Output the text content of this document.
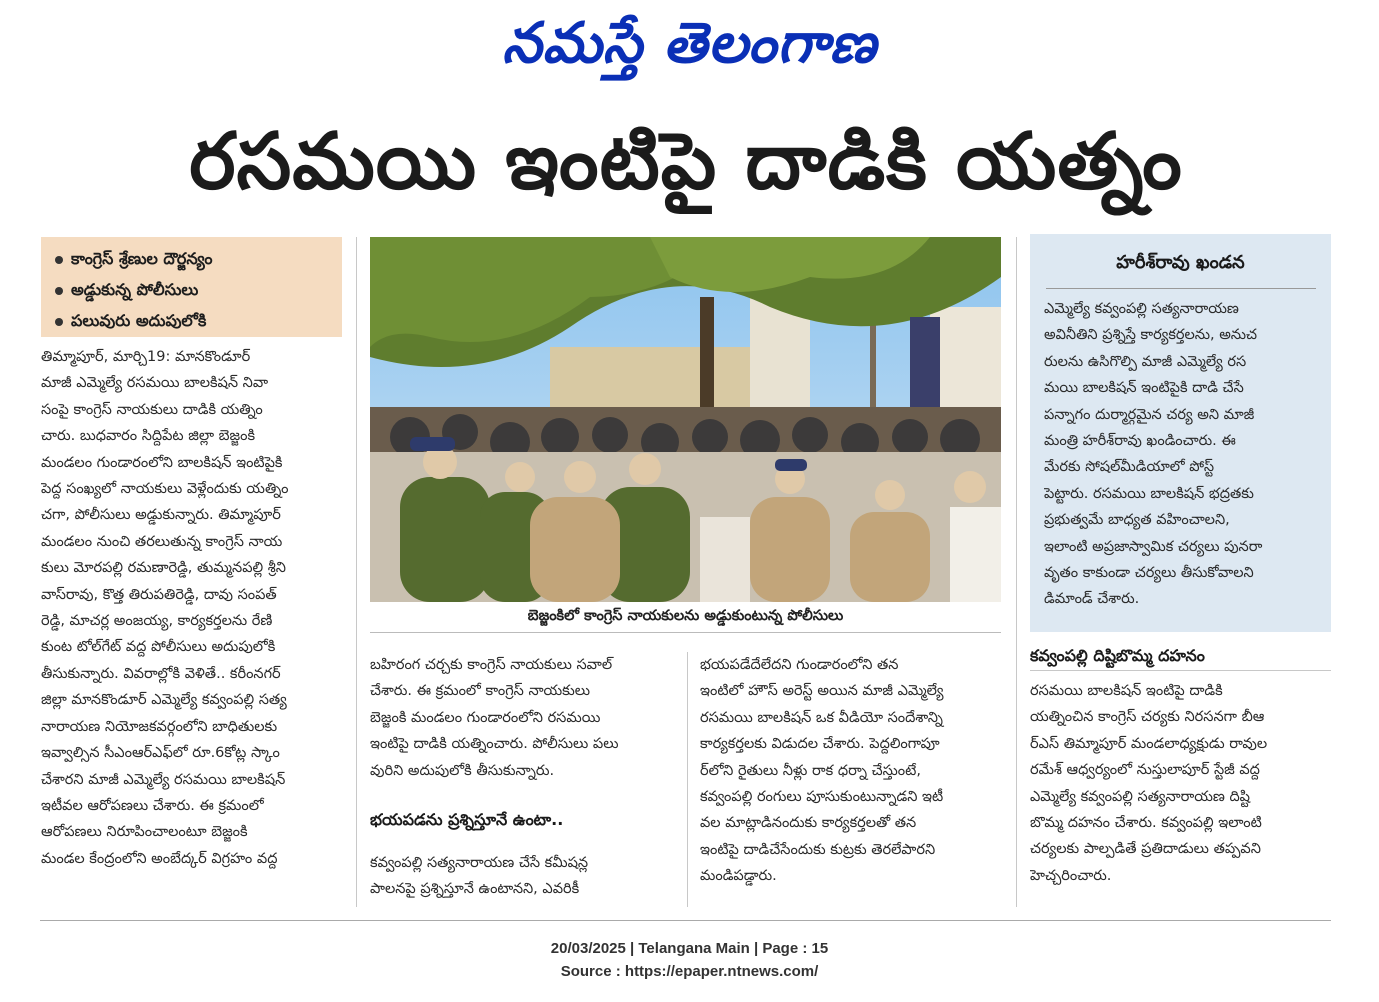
నమస్తే తెలంగాణ
రసమయి ఇంటిపై దాడికి యత్నం
కాంగ్రెస్ శ్రేణుల దౌర్జన్యం
అడ్డుకున్న పోలీసులు
పలువురు అదుపులోకి
తిమ్మాపూర్, మార్చి19: మానకొండూర్
మాజీ ఎమ్మెల్యే రసమయి బాలకిషన్ నివా
సంపై కాంగ్రెస్ నాయకులు దాడికి యత్నిం
చారు. బుధవారం సిద్దిపేట జిల్లా బెజ్జంకి
మండలం గుండారంలోని బాలకిషన్ ఇంటిపైకి
పెద్ద సంఖ్యలో నాయకులు వెళ్లేందుకు యత్నిం
చగా, పోలీసులు అడ్డుకున్నారు. తిమ్మాపూర్
మండలం నుంచి తరలుతున్న కాంగ్రెస్ నాయ
కులు మోరపల్లి రమణారెడ్డి, తుమ్మనపల్లి శ్రీని
వాస్‌రావు, కొత్త తిరుపతిరెడ్డి, దావు సంపత్
రెడ్డి, మాచర్ల అంజయ్య, కార్యకర్తలను రేణి
కుంట టోల్‌గేట్ వద్ద పోలీసులు అదుపులోకి
తీసుకున్నారు. వివరాల్లోకి వెళితే.. కరీంనగర్
జిల్లా మానకొండూర్ ఎమ్మెల్యే కవ్వంపల్లి సత్య
నారాయణ నియోజకవర్గంలోని బాధితులకు
ఇవ్వాల్సిన సీఎంఆర్‌ఎఫ్‌లో రూ.6కోట్ల స్కాం
చేశారని మాజీ ఎమ్మెల్యే రసమయి బాలకిషన్
ఇటీవల ఆరోపణలు చేశారు. ఈ క్రమంలో
ఆరోపణలు నిరూపించాలంటూ బెజ్జంకి
మండల కేంద్రంలోని అంబేద్కర్ విగ్రహం వద్ద
బెజ్జంకిలో కాంగ్రెస్ నాయకులను అడ్డుకుంటున్న పోలీసులు
బహిరంగ చర్చకు కాంగ్రెస్ నాయకులు సవాల్
చేశారు. ఈ క్రమంలో కాంగ్రెస్ నాయకులు
బెజ్జంకి మండలం గుండారంలోని రసమయి
ఇంటిపై దాడికి యత్నించారు. పోలీసులు పలు
వురిని అదుపులోకి తీసుకున్నారు.
భయపడను ప్రశ్నిస్తూనే ఉంటా..
కవ్వంపల్లి సత్యనారాయణ చేసే కమీషన్ల
పాలనపై ప్రశ్నిస్తూనే ఉంటానని, ఎవరికీ
భయపడేదేలేదని గుండారంలోని తన
ఇంటిలో హౌస్ అరెస్ట్ అయిన మాజీ ఎమ్మెల్యే
రసమయి బాలకిషన్ ఒక వీడియో సందేశాన్ని
కార్యకర్తలకు విడుదల చేశారు. పెద్దలింగాపూ
ర్‌లోని రైతులు నీళ్లు రాక ధర్నా చేస్తుంటే,
కవ్వంపల్లి రంగులు పూసుకుంటున్నాడని ఇటీ
వల మాట్లాడినందుకు కార్యకర్తలతో తన
ఇంటిపై దాడిచేసేందుకు కుట్రకు తెరలేపారని
మండిపడ్డారు.
హరీశ్‌రావు ఖండన
ఎమ్మెల్యే కవ్వంపల్లి సత్యనారాయణ
అవినీతిని ప్రశ్నిస్తే కార్యకర్తలను, అనుచ
రులను ఉసిగొల్పి మాజీ ఎమ్మెల్యే రస
మయి బాలకిషన్ ఇంటిపైకి దాడి చేసే
పన్నాగం దుర్మార్గమైన చర్య అని మాజీ
మంత్రి హరీశ్‌రావు ఖండించారు. ఈ
మేరకు సోషల్‌మీడియాలో పోస్ట్
పెట్టారు. రసమయి బాలకిషన్ భద్రతకు
ప్రభుత్వమే బాధ్యత వహించాలని,
ఇలాంటి అప్రజాస్వామిక చర్యలు పునరా
వృతం కాకుండా చర్యలు తీసుకోవాలని
డిమాండ్ చేశారు.
కవ్వంపల్లి దిష్టిబొమ్మ దహనం
రసమయి బాలకిషన్ ఇంటిపై దాడికి
యత్నించిన కాంగ్రెస్ చర్యకు నిరసనగా బీఆ
ర్ఎస్ తిమ్మాపూర్ మండలాధ్యక్షుడు రావుల
రమేశ్ ఆధ్వర్యంలో నుస్తులాపూర్ స్టేజీ వద్ద
ఎమ్మెల్యే కవ్వంపల్లి సత్యనారాయణ దిష్టి
బొమ్మ దహనం చేశారు. కవ్వంపల్లి ఇలాంటి
చర్యలకు పాల్పడితే ప్రతిదాడులు తప్పవని
హెచ్చరించారు.
20/03/2025 | Telangana Main | Page : 15
Source : https://epaper.ntnews.com/
